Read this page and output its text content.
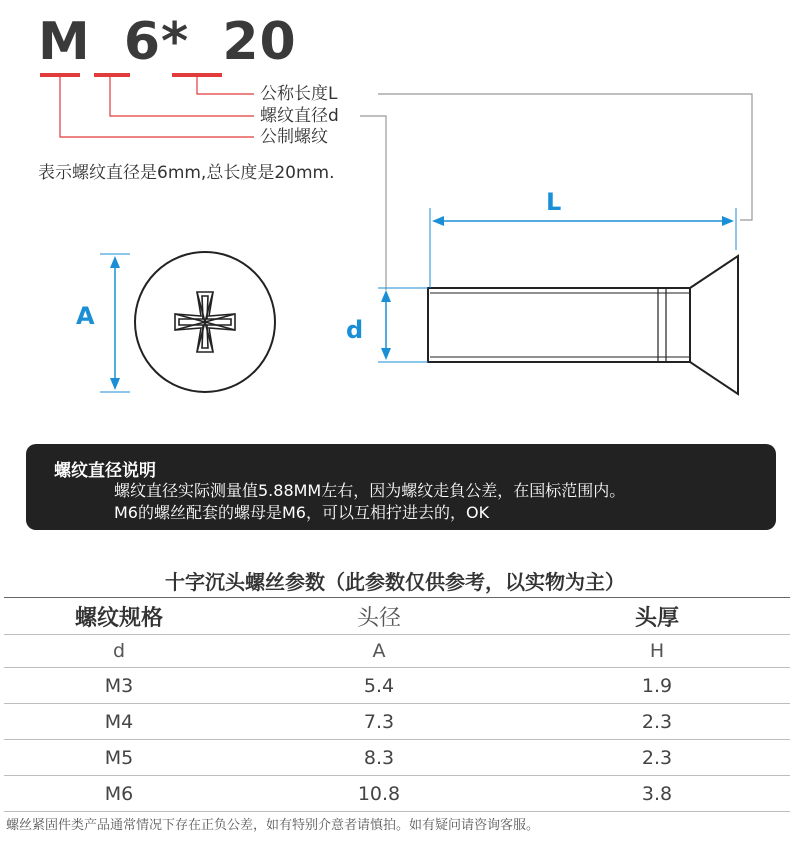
M 6* 20
公称长度L
螺纹直径d
公制螺纹
表示螺纹直径是6mm,总长度是20mm.
A	d
L
螺纹直径说明
螺纹直径实际测量值5.88MM左右，因为螺纹走負公差，在国标范围内。
M6的螺丝配套的螺母是M6，可以互相拧进去的，OK
十字沉头螺丝参数（此参数仅供参考，以实物为主）
螺纹规格	头径	头厚
d	A	H
M3	5.4	1.9
M4	7.3	2.3
M5	8.3	2.3
M6	10.8	3.8
螺丝紧固件类产品通常情况下存在正负公差，如有特别介意者请慎拍。如有疑问请咨询客服。
